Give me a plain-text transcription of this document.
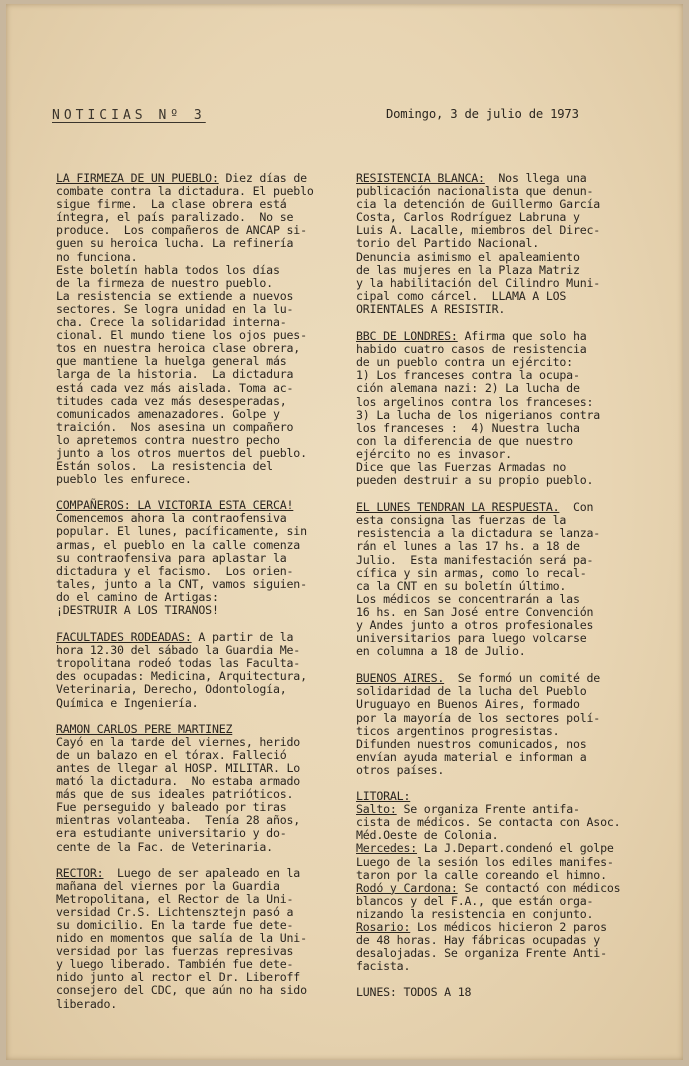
NOTICIAS Nº 3	Domingo, 3 de julio de 1973
LA FIRMEZA DE UN PUEBLO: Diez días de
combate contra la dictadura. El pueblo
sigue firme.  La clase obrera está
íntegra, el país paralizado.  No se
produce.  Los compañeros de ANCAP si-
guen su heroica lucha. La refinería
no funciona.
Este boletín habla todos los días
de la firmeza de nuestro pueblo.
La resistencia se extiende a nuevos
sectores. Se logra unidad en la lu-
cha. Crece la solidaridad interna-
cional. El mundo tiene los ojos pues-
tos en nuestra heroica clase obrera,
que mantiene la huelga general más
larga de la historia.  La dictadura
está cada vez más aislada. Toma ac-
titudes cada vez más desesperadas,
comunicados amenazadores. Golpe y
traición.  Nos asesina un compañero
lo apretemos contra nuestro pecho
junto a los otros muertos del pueblo.
Están solos.  La resistencia del
pueblo les enfurece.
COMPAÑEROS: LA VICTORIA ESTA CERCA!
Comencemos ahora la contraofensiva
popular. El lunes, pacíficamente, sin
armas, el pueblo en la calle comenza
su contraofensiva para aplastar la
dictadura y el facismo.  Los orien-
tales, junto a la CNT, vamos siguien-
do el camino de Artigas:
¡DESTRUIR A LOS TIRANOS!
FACULTADES RODEADAS: A partir de la
hora 12.30 del sábado la Guardia Me-
tropolitana rodeó todas las Faculta-
des ocupadas: Medicina, Arquitectura,
Veterinaria, Derecho, Odontología,
Química e Ingeniería.
RAMON CARLOS PERE MARTINEZ
Cayó en la tarde del viernes, herido
de un balazo en el tórax. Falleció
antes de llegar al HOSP. MILITAR. Lo
mató la dictadura.  No estaba armado
más que de sus ideales patrióticos.
Fue perseguido y baleado por tiras
mientras volanteaba.  Tenía 28 años,
era estudiante universitario y do-
cente de la Fac. de Veterinaria.
RECTOR:  Luego de ser apaleado en la
mañana del viernes por la Guardia
Metropolitana, el Rector de la Uni-
versidad Cr.S. Lichtensztejn pasó a
su domicilio. En la tarde fue dete-
nido en momentos que salía de la Uni-
versidad por las fuerzas represivas
y luego liberado. También fue dete-
nido junto al rector el Dr. Liberoff
consejero del CDC, que aún no ha sido
liberado.
RESISTENCIA BLANCA:  Nos llega una
publicación nacionalista que denun-
cia la detención de Guillermo García
Costa, Carlos Rodríguez Labruna y
Luis A. Lacalle, miembros del Direc-
torio del Partido Nacional.
Denuncia asimismo el apaleamiento
de las mujeres en la Plaza Matriz
y la habilitación del Cilindro Muni-
cipal como cárcel.  LLAMA A LOS
ORIENTALES A RESISTIR.
BBC DE LONDRES: Afirma que solo ha
habido cuatro casos de resistencia
de un pueblo contra un ejército:
1) Los franceses contra la ocupa-
ción alemana nazi: 2) La lucha de
los argelinos contra los franceses:
3) La lucha de los nigerianos contra
los franceses :  4) Nuestra lucha
con la diferencia de que nuestro
ejército no es invasor.
Dice que las Fuerzas Armadas no
pueden destruir a su propio pueblo.
EL LUNES TENDRAN LA RESPUESTA.  Con
esta consigna las fuerzas de la
resistencia a la dictadura se lanza-
rán el lunes a las 17 hs. a 18 de
Julio.  Esta manifestación será pa-
cífica y sin armas, como lo recal-
ca la CNT en su boletín último.
Los médicos se concentrarán a las
16 hs. en San José entre Convención
y Andes junto a otros profesionales
universitarios para luego volcarse
en columna a 18 de Julio.
BUENOS AIRES.  Se formó un comité de
solidaridad de la lucha del Pueblo
Uruguayo en Buenos Aires, formado
por la mayoría de los sectores polí-
ticos argentinos progresistas.
Difunden nuestros comunicados, nos
envían ayuda material e informan a
otros países.
LITORAL:
Salto: Se organiza Frente antifa-
cista de médicos. Se contacta con Asoc.
Méd.Oeste de Colonia.
Mercedes: La J.Depart.condenó el golpe
Luego de la sesión los ediles manifes-
taron por la calle coreando el himno.
Rodó y Cardona: Se contactó con médicos
blancos y del F.A., que están orga-
nizando la resistencia en conjunto.
Rosario: Los médicos hicieron 2 paros
de 48 horas. Hay fábricas ocupadas y
desalojadas. Se organiza Frente Anti-
facista.
LUNES: TODOS A 18
